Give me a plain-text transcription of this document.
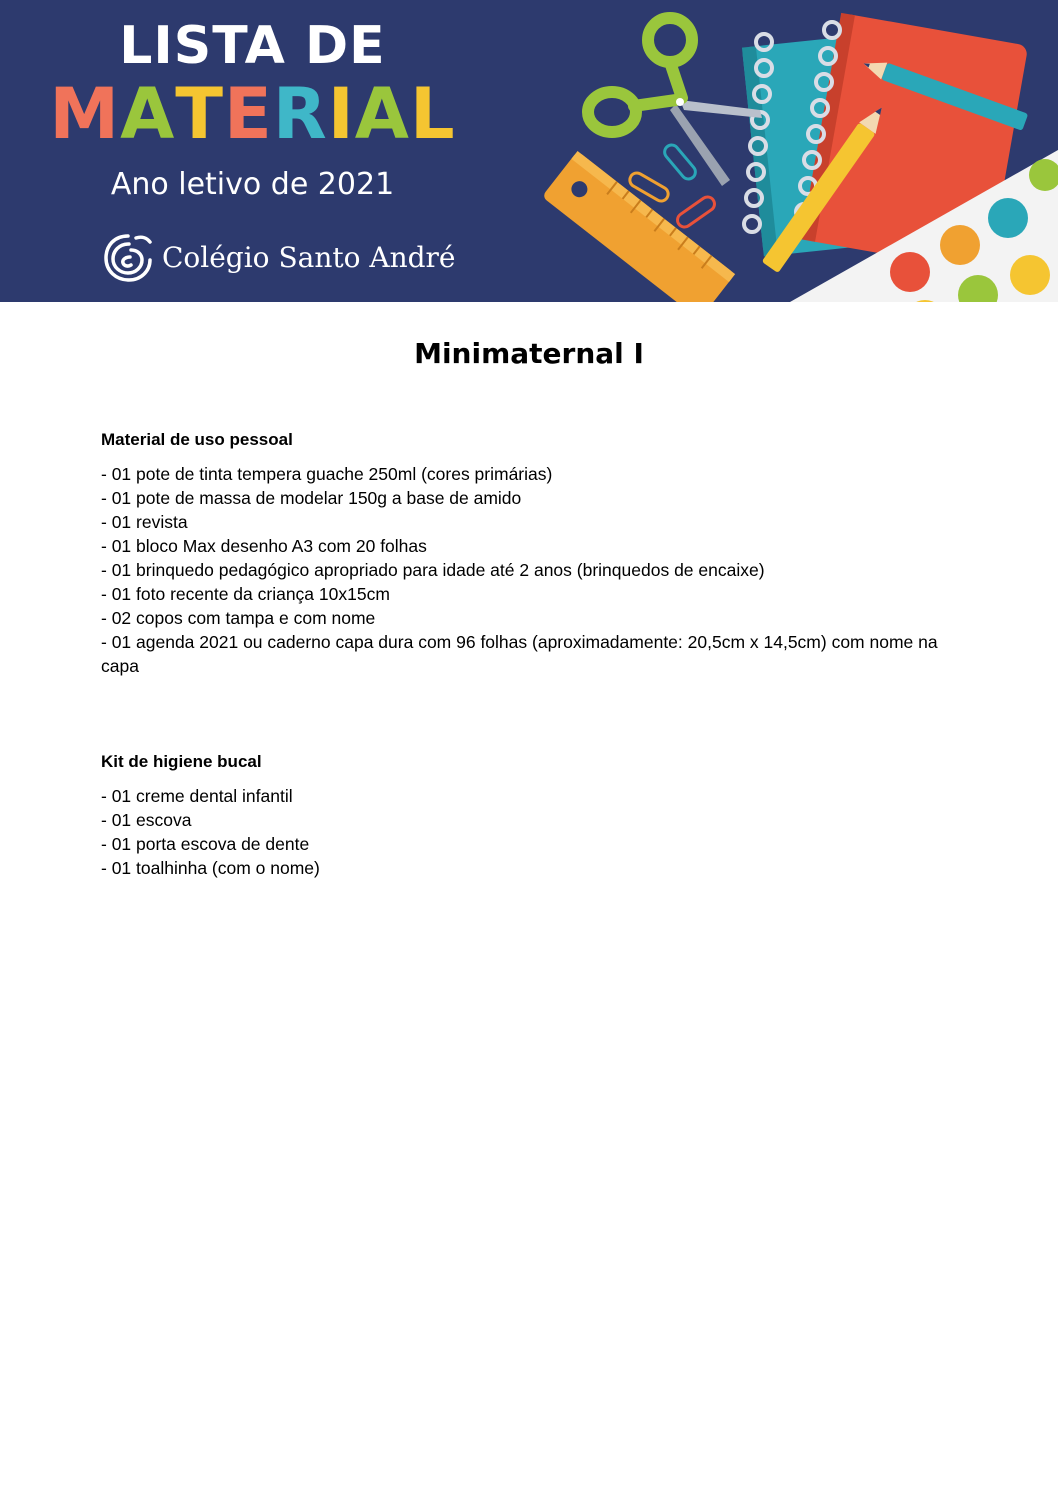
LISTA DE
MATERIAL
Ano letivo de 2021
Colégio Santo André
Minimaternal I
Material de uso pessoal
- 01 pote de tinta tempera guache 250ml (cores primárias)
- 01 pote de massa de modelar 150g a base de amido
- 01 revista
- 01 bloco Max desenho A3 com 20 folhas
- 01 brinquedo pedagógico apropriado para idade até 2 anos (brinquedos de encaixe)
- 01 foto recente da criança 10x15cm
- 02 copos com tampa e com nome
- 01 agenda 2021 ou caderno capa dura com 96 folhas (aproximadamente: 20,5cm x 14,5cm) com nome na capa
Kit de higiene bucal
- 01 creme dental infantil
- 01 escova
- 01 porta escova de dente
- 01 toalhinha (com o nome)
